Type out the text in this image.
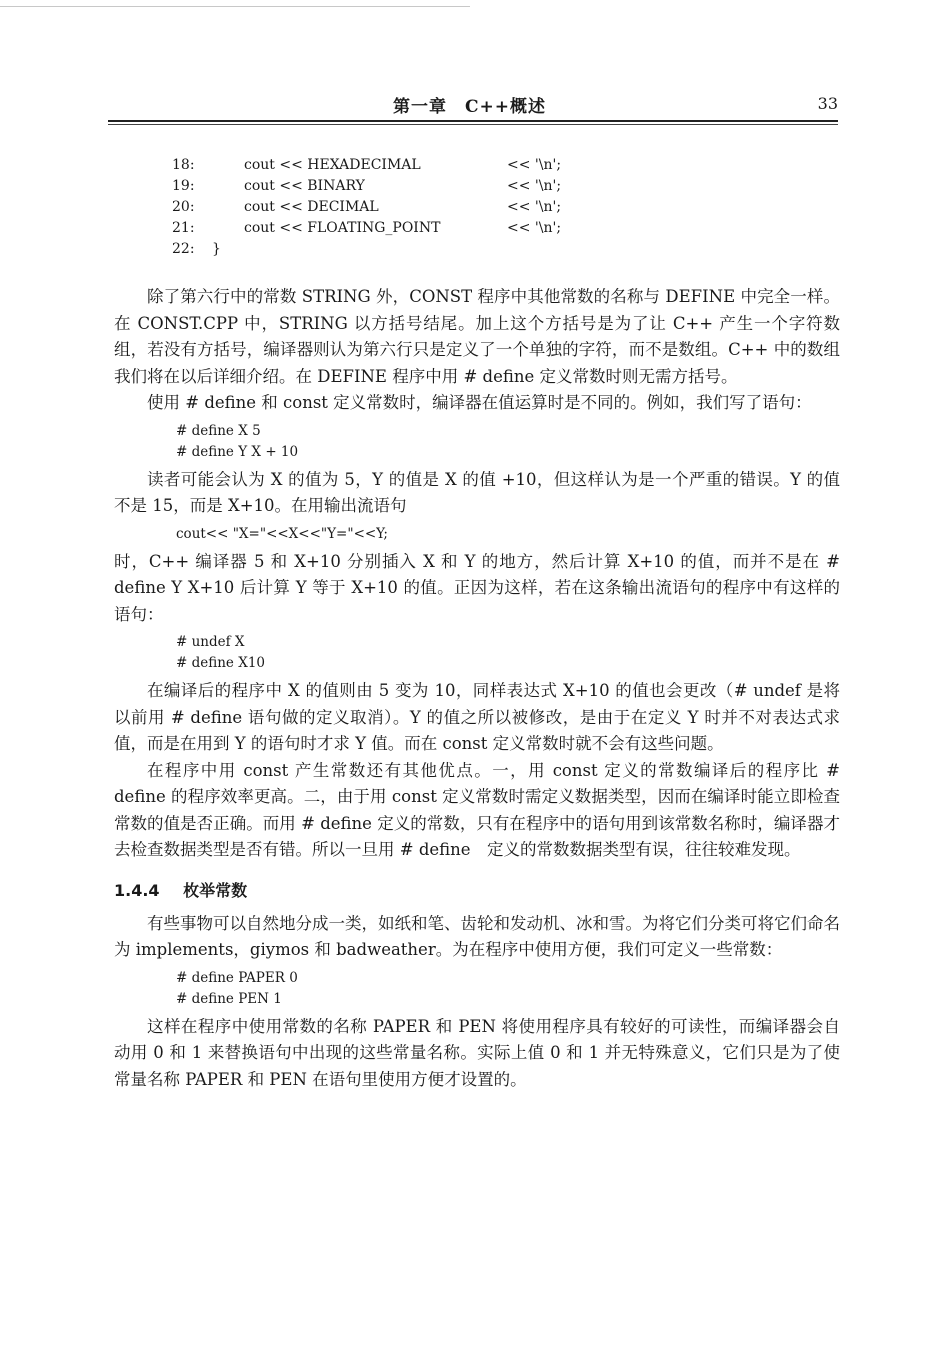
第一章　C++概述	33
18:	cout << HEXADECIMAL	<< '\n';
19:	cout << BINARY	<< '\n';
20:	cout << DECIMAL	<< '\n';
21:	cout << FLOATING_POINT	<< '\n';
22:	}

除了第六行中的常数 STRING 外，CONST 程序中其他常数的名称与 DEFINE 中完全一样。在 CONST.CPP 中，STRING 以方括号结尾。加上这个方括号是为了让 C++ 产生一个字符数组，若没有方括号，编译器则认为第六行只是定义了一个单独的字符，而不是数组。C++ 中的数组我们将在以后详细介绍。在 DEFINE 程序中用 # define 定义常数时则无需方括号。

使用 # define 和 const 定义常数时，编译器在值运算时是不同的。例如，我们写了语句：

# define X 5
# define Y X + 10

读者可能会认为 X 的值为 5，Y 的值是 X 的值 +10，但这样认为是一个严重的错误。Y 的值不是 15，而是 X+10。在用输出流语句

cout<< "X="<<X<<"Y="<<Y;

时，C++ 编译器 5 和 X+10 分别插入 X 和 Y 的地方，然后计算 X+10 的值，而并不是在 # define Y X+10 后计算 Y 等于 X+10 的值。正因为这样，若在这条输出流语句的程序中有这样的语句：

# undef X
# define X10

在编译后的程序中 X 的值则由 5 变为 10，同样表达式 X+10 的值也会更改（# undef 是将以前用 # define 语句做的定义取消）。Y 的值之所以被修改，是由于在定义 Y 时并不对表达式求值，而是在用到 Y 的语句时才求 Y 值。而在 const 定义常数时就不会有这些问题。

在程序中用 const 产生常数还有其他优点。一，用 const 定义的常数编译后的程序比 # define 的程序效率更高。二，由于用 const 定义常数时需定义数据类型，因而在编译时能立即检查常数的值是否正确。而用 # define 定义的常数，只有在程序中的语句用到该常数名称时，编译器才去检查数据类型是否有错。所以一旦用 # define　定义的常数数据类型有误，往往较难发现。

1.4.4 枚举常数

有些事物可以自然地分成一类，如纸和笔、齿轮和发动机、冰和雪。为将它们分类可将它们命名为 implements，giymos 和 badweather。为在程序中使用方便，我们可定义一些常数：

# define PAPER 0
# define PEN 1

这样在程序中使用常数的名称 PAPER 和 PEN 将使用程序具有较好的可读性，而编译器会自动用 0 和 1 来替换语句中出现的这些常量名称。实际上值 0 和 1 并无特殊意义，它们只是为了使常量名称 PAPER 和 PEN 在语句里使用方便才设置的。
